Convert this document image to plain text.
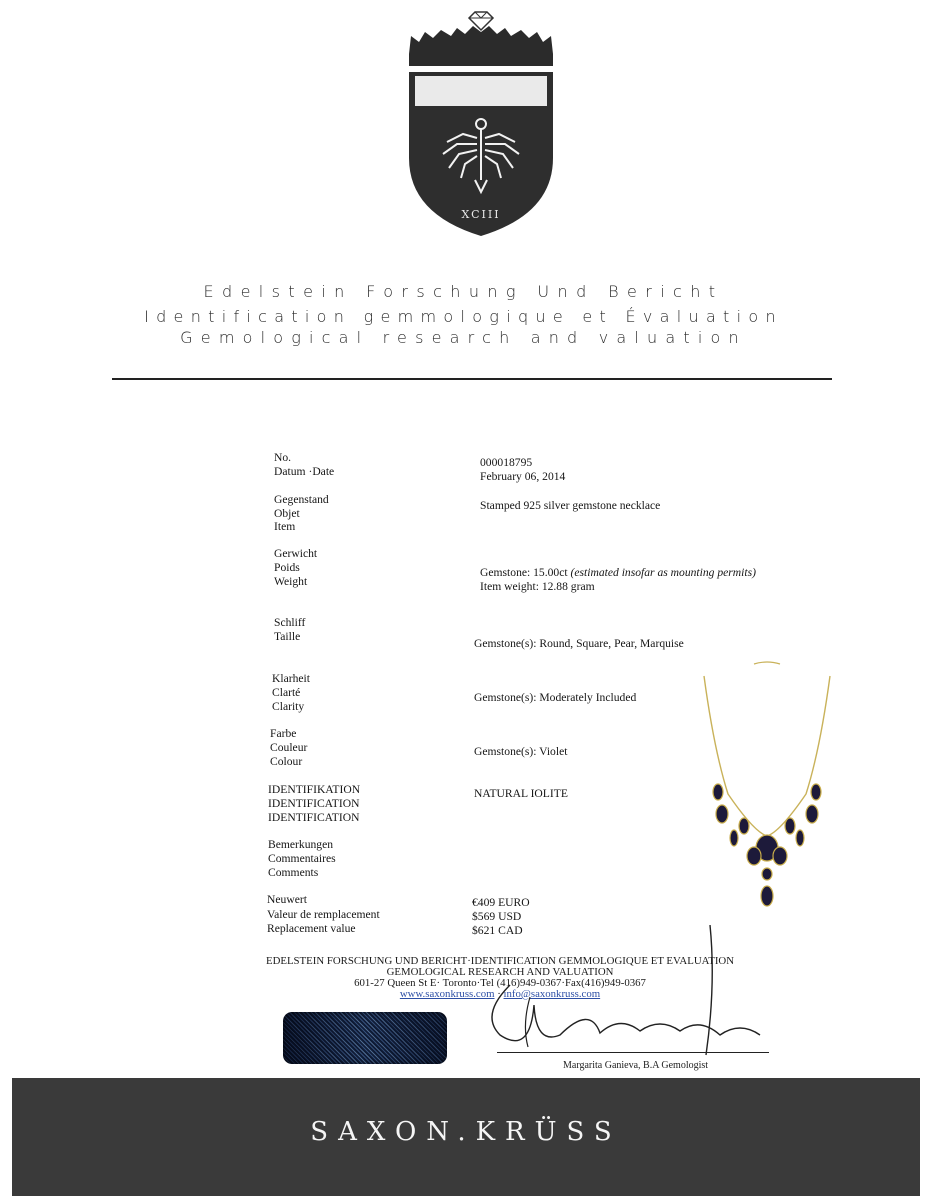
XCIII
Edelstein Forschung Und Bericht
Identification gemmologique et Évaluation
Gemological research and valuation
No.
Datum ·Date
000018795
February 06, 2014
Gegenstand
Objet
Item
Stamped 925 silver gemstone necklace
Gerwicht
Poids
Weight
Gemstone: 15.00ct (estimated insofar as mounting permits)
Item weight: 12.88 gram
Schliff
Taille
Gemstone(s): Round, Square, Pear, Marquise
Klarheit
Clarté
Clarity
Gemstone(s): Moderately Included
Farbe
Couleur
Colour
Gemstone(s): Violet
IDENTIFIKATION
IDENTIFICATION
IDENTIFICATION
NATURAL IOLITE
Bemerkungen
Commentaires
Comments
Neuwert
Valeur de remplacement
Replacement value
€409 EURO
$569 USD
$621 CAD
EDELSTEIN FORSCHUNG UND BERICHT·IDENTIFICATION GEMMOLOGIQUE ET EVALUATION
GEMOLOGICAL RESEARCH AND VALUATION
601-27 Queen St E· Toronto·Tel (416)949-0367·Fax(416)949-0367
www.saxonkruss.com · info@saxonkruss.com
Margarita Ganieva, B.A Gemologist
SAXON.KRÜSS
